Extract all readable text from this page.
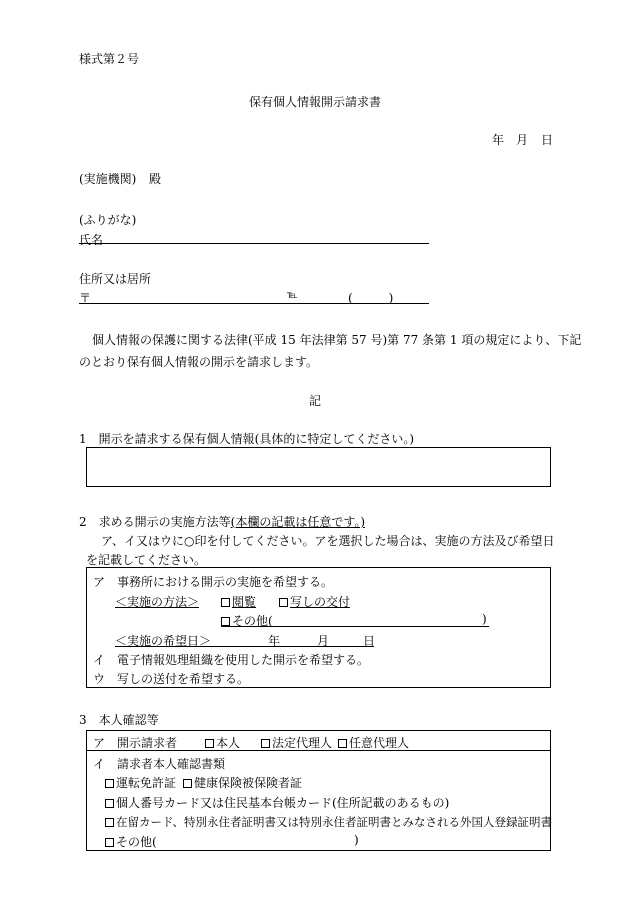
様式第２号
保有個人情報開示請求書
年 月 日
(実施機関) 殿
(ふりがな)
氏名
住所又は居所
〒	℡	(　　　)
個人情報の保護に関する法律(平成 15 年法律第 57 号)第 77 条第 1 項の規定により、下記
のとおり保有個人情報の開示を請求します。
記
1　開示を請求する保有個人情報(具体的に特定してください。)
2　求める開示の実施方法等(本欄の記載は任意です。)
ア、イ又はウに○印を付してください。アを選択した場合は、実施の方法及び希望日
を記載してください。
ア　事務所における開示の実施を希望する。
＜実施の方法＞	閲覧	写しの交付
その他(	)
＜実施の希望日＞	年	月	日
イ　電子情報処理組織を使用した開示を希望する。
ウ　写しの送付を希望する。
3　本人確認等
ア　開示請求者	本人	法定代理人	任意代理人
イ　請求者本人確認書類
運転免許証	健康保険被保険者証
個人番号カード又は住民基本台帳カード(住所記載のあるもの)
在留カード、特別永住者証明書又は特別永住者証明書とみなされる外国人登録証明書
その他(	)
